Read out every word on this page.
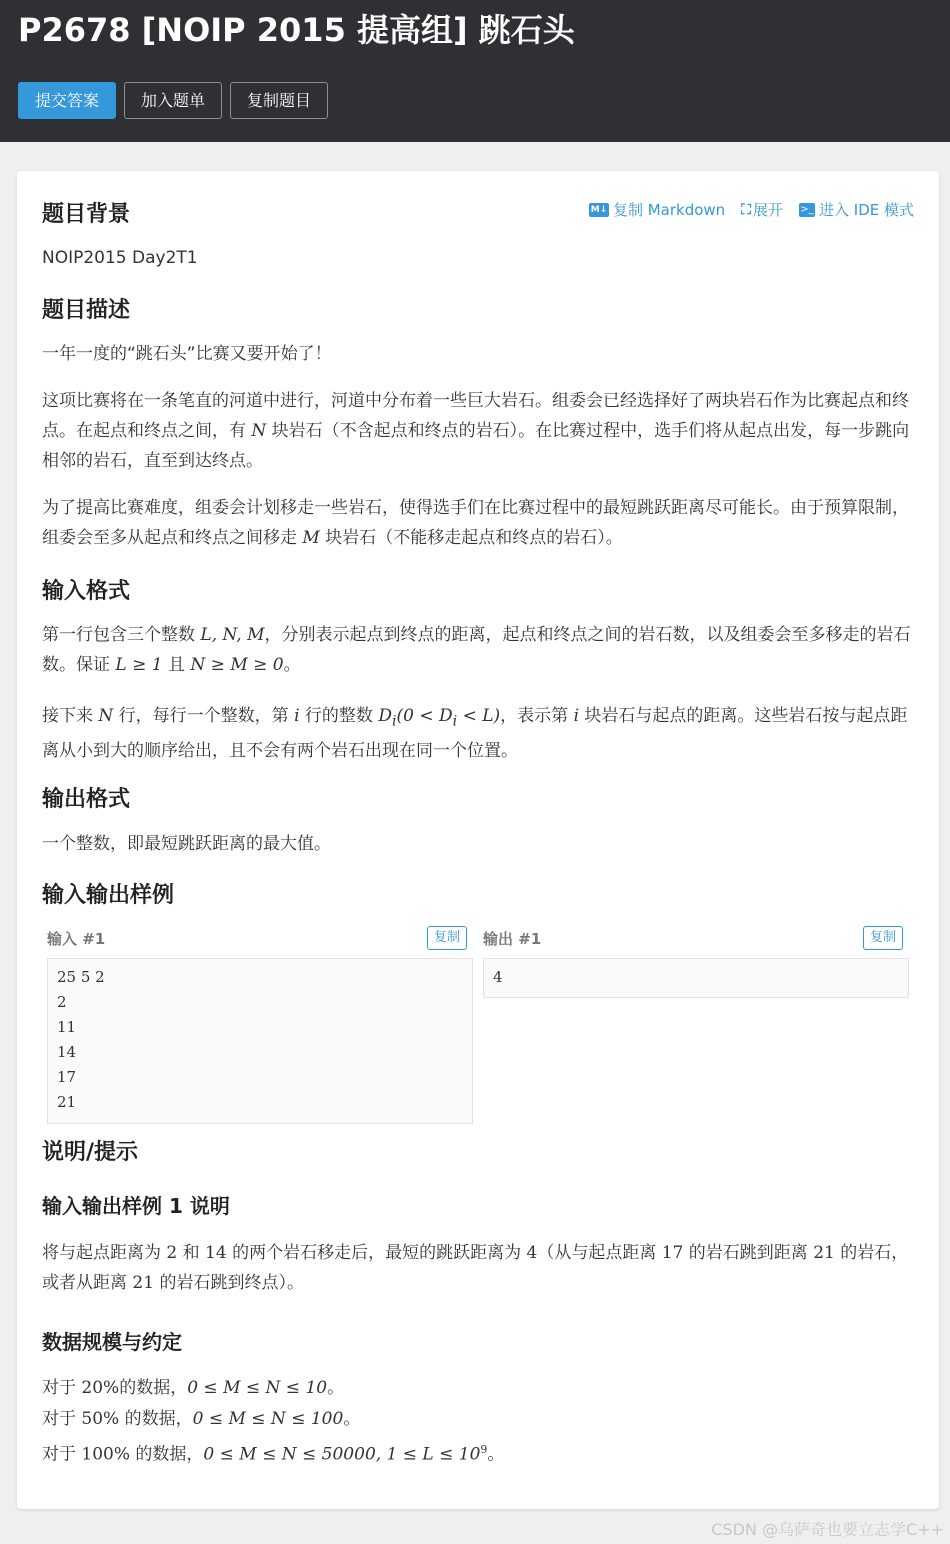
P2678 [NOIP 2015 提高组] 跳石头
提交答案	加入题单	复制题目
M↓ 复制 Markdown ⛶ 展开 >_ 进入 IDE 模式
题目背景

NOIP2015 Day2T1

题目描述

一年一度的“跳石头”比赛又要开始了！

这项比赛将在一条笔直的河道中进行，河道中分布着一些巨大岩石。组委会已经选择好了两块岩石作为比赛起点和终点。在起点和终点之间，有 N 块岩石（不含起点和终点的岩石）。在比赛过程中，选手们将从起点出发，每一步跳向相邻的岩石，直至到达终点。

为了提高比赛难度，组委会计划移走一些岩石，使得选手们在比赛过程中的最短跳跃距离尽可能长。由于预算限制，组委会至多从起点和终点之间移走 M 块岩石（不能移走起点和终点的岩石）。

输入格式

第一行包含三个整数 L, N, M，分别表示起点到终点的距离，起点和终点之间的岩石数，以及组委会至多移走的岩石数。保证 L ≥ 1 且 N ≥ M ≥ 0。

接下来 N 行，每行一个整数，第 i 行的整数 $D_i(0 < D_i < L)$，表示第 i 块岩石与起点的距离。这些岩石按与起点距离从小到大的顺序给出，且不会有两个岩石出现在同一个位置。

输出格式

一个整数，即最短跳跃距离的最大值。

输入输出样例
输入 #1	复制
25 5 2
2
11
14
17
21
输出 #1	复制
4
说明/提示
输入输出样例 1 说明

将与起点距离为 2 和 14 的两个岩石移走后，最短的跳跃距离为 4（从与起点距离 17 的岩石跳到距离 21 的岩石，或者从距离 21 的岩石跳到终点）。

数据规模与约定

对于 20%的数据，0 ≤ M ≤ N ≤ 10。

对于 50% 的数据，0 ≤ M ≤ N ≤ 100。

对于 100% 的数据，0 ≤ M ≤ N ≤ 50000, $1 \le L \le 10^9$。

CSDN @乌萨奇也要立志学C++
